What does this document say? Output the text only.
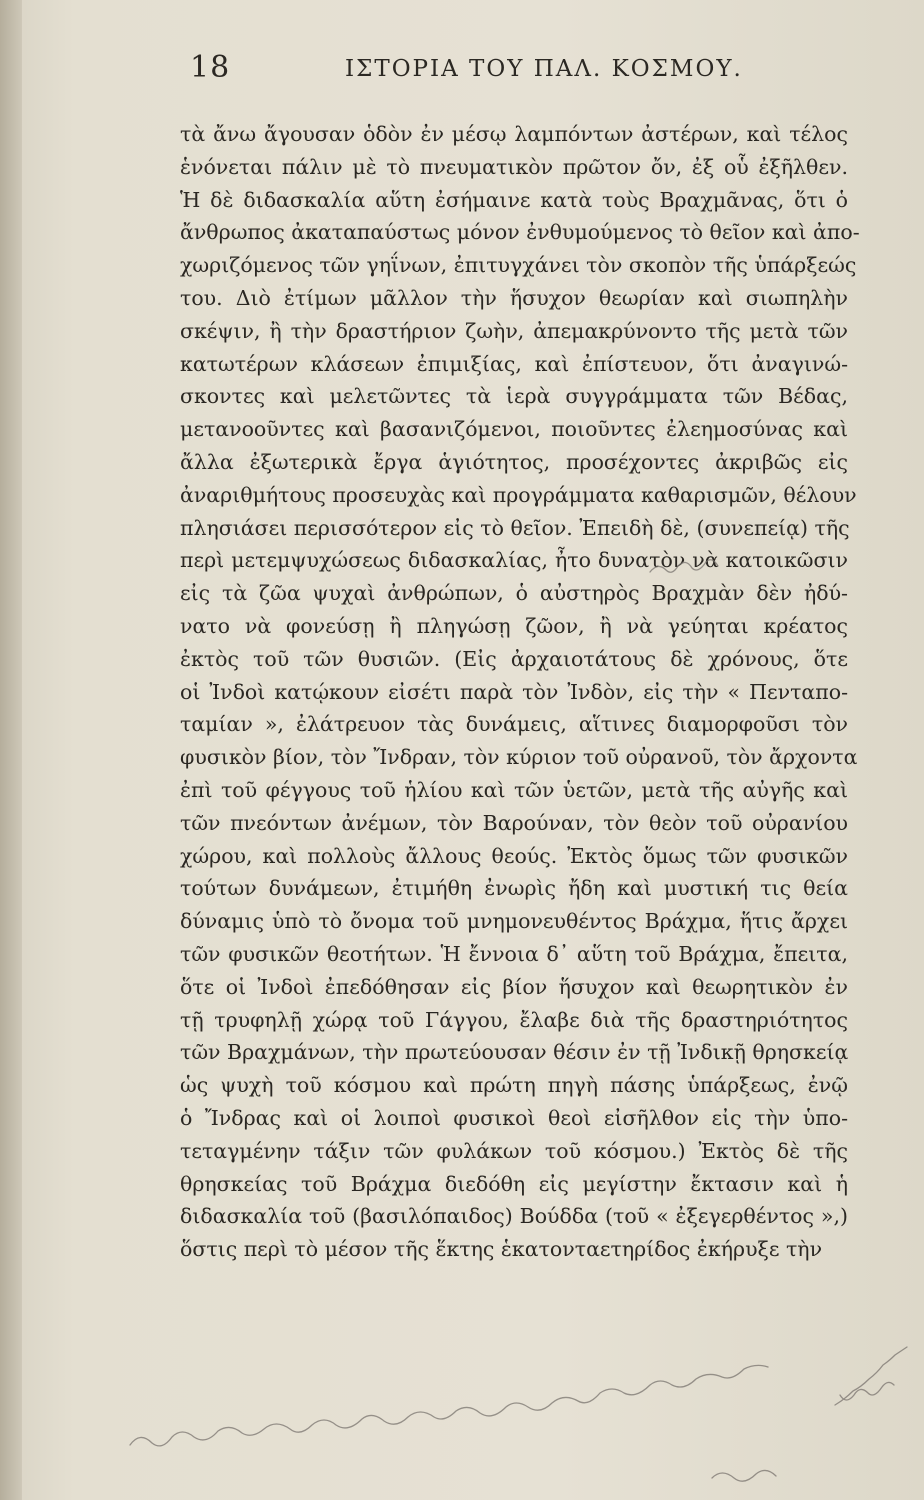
18	ΙΣΤΟΡΙΑ ΤΟΥ ΠΑΛ. ΚΟΣΜΟΥ.
τὰ ἄνω ἄγουσαν ὁδὸν ἐν μέσῳ λαμπόντων ἀστέρων, καὶ τέλος
ἑνόνεται πάλιν μὲ τὸ πνευματικὸν πρῶτον ὄν, ἐξ οὗ ἐξῆλθεν.
Ἡ δὲ διδασκαλία αὕτη ἐσήμαινε κατὰ τοὺς Βραχμᾶνας, ὅτι ὁ
ἄνθρωπος ἀκαταπαύστως μόνον ἐνθυμούμενος τὸ θεῖον καὶ ἀπο-
χωριζόμενος τῶν γηΐνων, ἐπιτυγχάνει τὸν σκοπὸν τῆς ὑπάρξεώς
του. Διὸ ἐτίμων μᾶλλον τὴν ἥσυχον θεωρίαν καὶ σιωπηλὴν
σκέψιν, ἢ τὴν δραστήριον ζωὴν, ἀπεμακρύνοντο τῆς μετὰ τῶν
κατωτέρων κλάσεων ἐπιμιξίας, καὶ ἐπίστευον, ὅτι ἀναγινώ-
σκοντες καὶ μελετῶντες τὰ ἱερὰ συγγράμματα τῶν Βέδας,
μετανοοῦντες καὶ βασανιζόμενοι, ποιοῦντες ἐλεημοσύνας καὶ
ἄλλα ἐξωτερικὰ ἔργα ἁγιότητος, προσέχοντες ἀκριβῶς εἰς
ἀναριθμήτους προσευχὰς καὶ προγράμματα καθαρισμῶν, θέλουν
πλησιάσει περισσότερον εἰς τὸ θεῖον. Ἐπειδὴ δὲ, (συνεπείᾳ) τῆς
περὶ μετεμψυχώσεως διδασκαλίας, ἦτο δυνατὸν νὰ κατοικῶσιν
εἰς τὰ ζῶα ψυχαὶ ἀνθρώπων, ὁ αὐστηρὸς Βραχμὰν δὲν ἠδύ-
νατο νὰ φονεύσῃ ἢ πληγώσῃ ζῶον, ἢ νὰ γεύηται κρέατος
ἐκτὸς τοῦ τῶν θυσιῶν. (Εἰς ἀρχαιοτάτους δὲ χρόνους, ὅτε
οἱ Ἰνδοὶ κατῴκουν εἰσέτι παρὰ τὸν Ἰνδὸν, εἰς τὴν « Πενταπο-
ταμίαν », ἐλάτρευον τὰς δυνάμεις, αἵτινες διαμορφοῦσι τὸν
φυσικὸν βίον, τὸν Ἴνδραν, τὸν κύριον τοῦ οὐρανοῦ, τὸν ἄρχοντα
ἐπὶ τοῦ φέγγους τοῦ ἡλίου καὶ τῶν ὑετῶν, μετὰ τῆς αὐγῆς καὶ
τῶν πνεόντων ἀνέμων, τὸν Βαρούναν, τὸν θεὸν τοῦ οὐρανίου
χώρου, καὶ πολλοὺς ἄλλους θεούς. Ἐκτὸς ὅμως τῶν φυσικῶν
τούτων δυνάμεων, ἐτιμήθη ἐνωρὶς ἤδη καὶ μυστική τις θεία
δύναμις ὑπὸ τὸ ὄνομα τοῦ μνημονευθέντος Βράχμα, ἥτις ἄρχει
τῶν φυσικῶν θεοτήτων. Ἡ ἔννοια δ᾽ αὕτη τοῦ Βράχμα, ἔπειτα,
ὅτε οἱ Ἰνδοὶ ἐπεδόθησαν εἰς βίον ἥσυχον καὶ θεωρητικὸν ἐν
τῇ τρυφηλῇ χώρᾳ τοῦ Γάγγου, ἔλαβε διὰ τῆς δραστηριότητος
τῶν Βραχμάνων, τὴν πρωτεύουσαν θέσιν ἐν τῇ Ἰνδικῇ θρησκείᾳ
ὡς ψυχὴ τοῦ κόσμου καὶ πρώτη πηγὴ πάσης ὑπάρξεως, ἐνῷ
ὁ Ἴνδρας καὶ οἱ λοιποὶ φυσικοὶ θεοὶ εἰσῆλθον εἰς τὴν ὑπο-
τεταγμένην τάξιν τῶν φυλάκων τοῦ κόσμου.) Ἐκτὸς δὲ τῆς
θρησκείας τοῦ Βράχμα διεδόθη εἰς μεγίστην ἔκτασιν καὶ ἡ
διδασκαλία τοῦ (βασιλόπαιδος) Βούδδα (τοῦ « ἐξεγερθέντος »,)
ὅστις περὶ τὸ μέσον τῆς ἕκτης ἑκατονταετηρίδος ἐκήρυξε τὴν
